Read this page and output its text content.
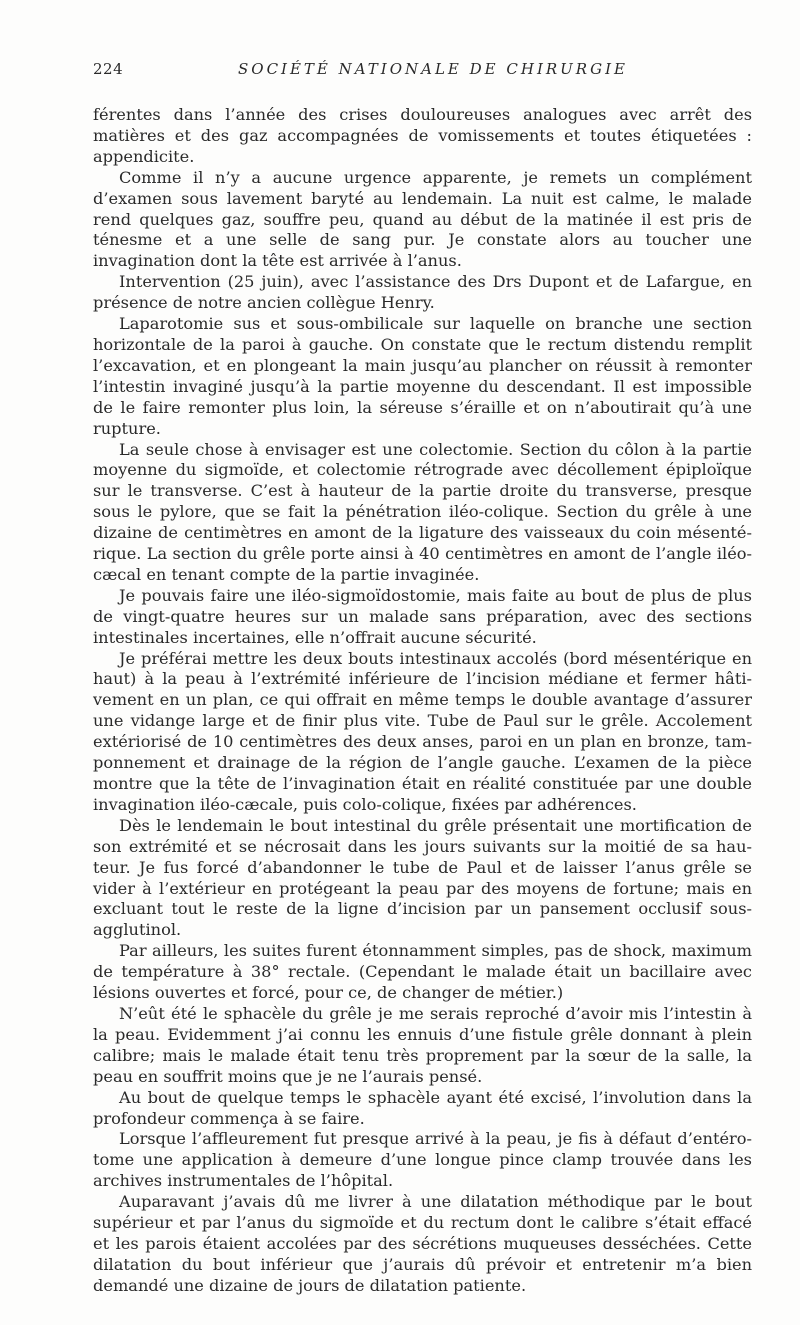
224	SOCIÉTÉ NATIONALE DE CHIRURGIE

férentes dans l’année des crises douloureuses analogues avec arrêt des matières et des gaz accompagnées de vomissements et toutes étiquetées : appendicite.

Comme il n’y a aucune urgence apparente, je remets un complément d’examen sous lavement baryté au lendemain. La nuit est calme, le malade rend quelques gaz, souffre peu, quand au début de la matinée il est pris de ténesme et a une selle de sang pur. Je constate alors au toucher une invagination dont la tête est arrivée à l’anus.

Intervention (25 juin), avec l’assistance des Drs Dupont et de Lafargue, en présence de notre ancien collègue Henry.

Laparotomie sus et sous-ombilicale sur laquelle on branche une section horizontale de la paroi à gauche. On constate que le rectum distendu remplit l’excavation, et en plongeant la main jusqu’au plancher on réussit à remonter l’intestin invaginé jusqu’à la partie moyenne du descendant. Il est impossible de le faire remonter plus loin, la séreuse s’éraille et on n’aboutirait qu’à une rupture.

La seule chose à envisager est une colectomie. Section du côlon à la partie moyenne du sigmoïde, et colectomie rétrograde avec décollement épiploïque sur le transverse. C’est à hauteur de la partie droite du transverse, presque sous le pylore, que se fait la pénétration iléo-colique. Section du grêle à une dizaine de centimètres en amont de la ligature des vaisseaux du coin mésentérique. La section du grêle porte ainsi à 40 centimètres en amont de l’angle iléo-cæcal en tenant compte de la partie invaginée.

Je pouvais faire une iléo-sigmoïdostomie, mais faite au bout de plus de plus de vingt-quatre heures sur un malade sans préparation, avec des sections intestinales incertaines, elle n’offrait aucune sécurité.

Je préférai mettre les deux bouts intestinaux accolés (bord mésentérique en haut) à la peau à l’extrémité inférieure de l’incision médiane et fermer hâtivement en un plan, ce qui offrait en même temps le double avantage d’assurer une vidange large et de finir plus vite. Tube de Paul sur le grêle. Accolement extériorisé de 10 centimètres des deux anses, paroi en un plan en bronze, tamponnement et drainage de la région de l’angle gauche. L’examen de la pièce montre que la tête de l’invagination était en réalité constituée par une double invagination iléo-cæcale, puis colo-colique, fixées par adhérences.

Dès le lendemain le bout intestinal du grêle présentait une mortification de son extrémité et se nécrosait dans les jours suivants sur la moitié de sa hauteur. Je fus forcé d’abandonner le tube de Paul et de laisser l’anus grêle se vider à l’extérieur en protégeant la peau par des moyens de fortune; mais en excluant tout le reste de la ligne d’incision par un pansement occlusif sous-agglutinol.

Par ailleurs, les suites furent étonnamment simples, pas de shock, maximum de température à 38° rectale. (Cependant le malade était un bacillaire avec lésions ouvertes et forcé, pour ce, de changer de métier.)

N’eût été le sphacèle du grêle je me serais reproché d’avoir mis l’intestin à la peau. Evidemment j’ai connu les ennuis d’une fistule grêle donnant à plein calibre; mais le malade était tenu très proprement par la sœur de la salle, la peau en souffrit moins que je ne l’aurais pensé.

Au bout de quelque temps le sphacèle ayant été excisé, l’involution dans la profondeur commença à se faire.

Lorsque l’affleurement fut presque arrivé à la peau, je fis à défaut d’entérotome une application à demeure d’une longue pince clamp trouvée dans les archives instrumentales de l’hôpital.

Auparavant j’avais dû me livrer à une dilatation méthodique par le bout supérieur et par l’anus du sigmoïde et du rectum dont le calibre s’était effacé et les parois étaient accolées par des sécrétions muqueuses desséchées. Cette dilatation du bout inférieur que j’aurais dû prévoir et entretenir m’a bien demandé une dizaine de jours de dilatation patiente.
